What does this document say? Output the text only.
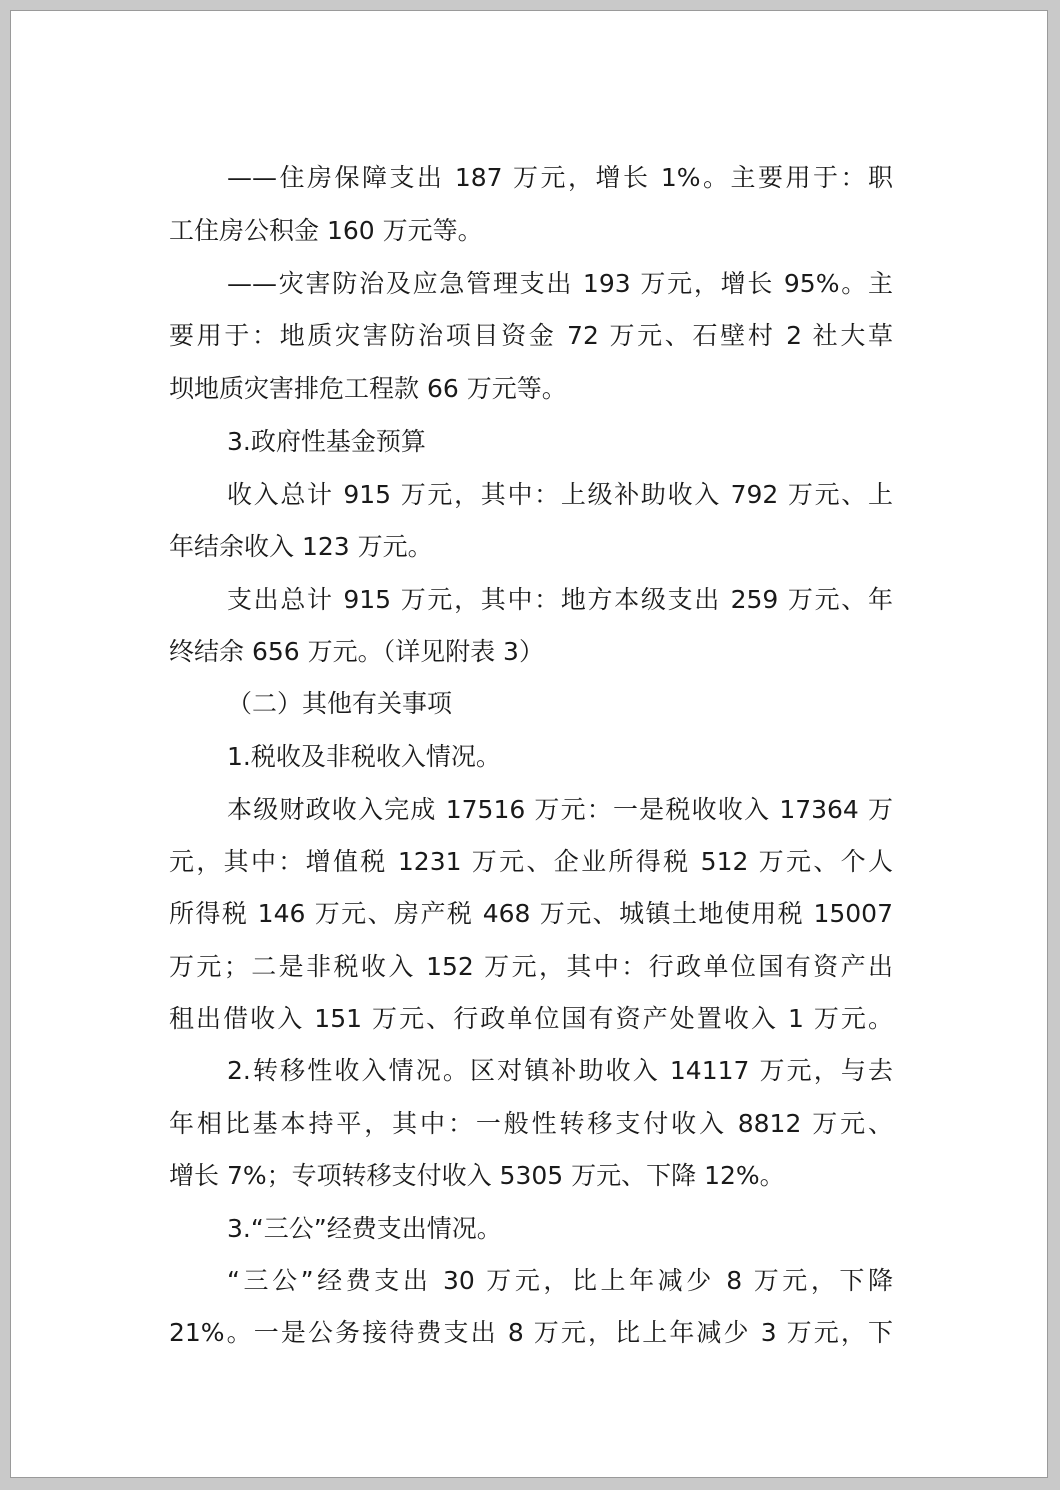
——住房保障支出 187 万元，增长 1%。主要用于：职
工住房公积金 160 万元等。
——灾害防治及应急管理支出 193 万元，增长 95%。主
要用于：地质灾害防治项目资金 72 万元、石壁村 2 社大草
坝地质灾害排危工程款 66 万元等。
3.政府性基金预算
收入总计 915 万元，其中：上级补助收入 792 万元、上
年结余收入 123 万元。
支出总计 915 万元，其中：地方本级支出 259 万元、年
终结余 656 万元。（详见附表 3）
（二）其他有关事项
1.税收及非税收入情况。
本级财政收入完成 17516 万元：一是税收收入 17364 万
元，其中：增值税 1231 万元、企业所得税 512 万元、个人
所得税 146 万元、房产税 468 万元、城镇土地使用税 15007
万元；二是非税收入 152 万元，其中：行政单位国有资产出
租出借收入 151 万元、行政单位国有资产处置收入 1 万元。
2.转移性收入情况。区对镇补助收入 14117 万元，与去
年相比基本持平，其中：一般性转移支付收入 8812 万元、
增长 7%；专项转移支付收入 5305 万元、下降 12%。
3.“三公”经费支出情况。
“三公”经费支出 30 万元，比上年减少 8 万元，下降
21%。一是公务接待费支出 8 万元，比上年减少 3 万元，下
